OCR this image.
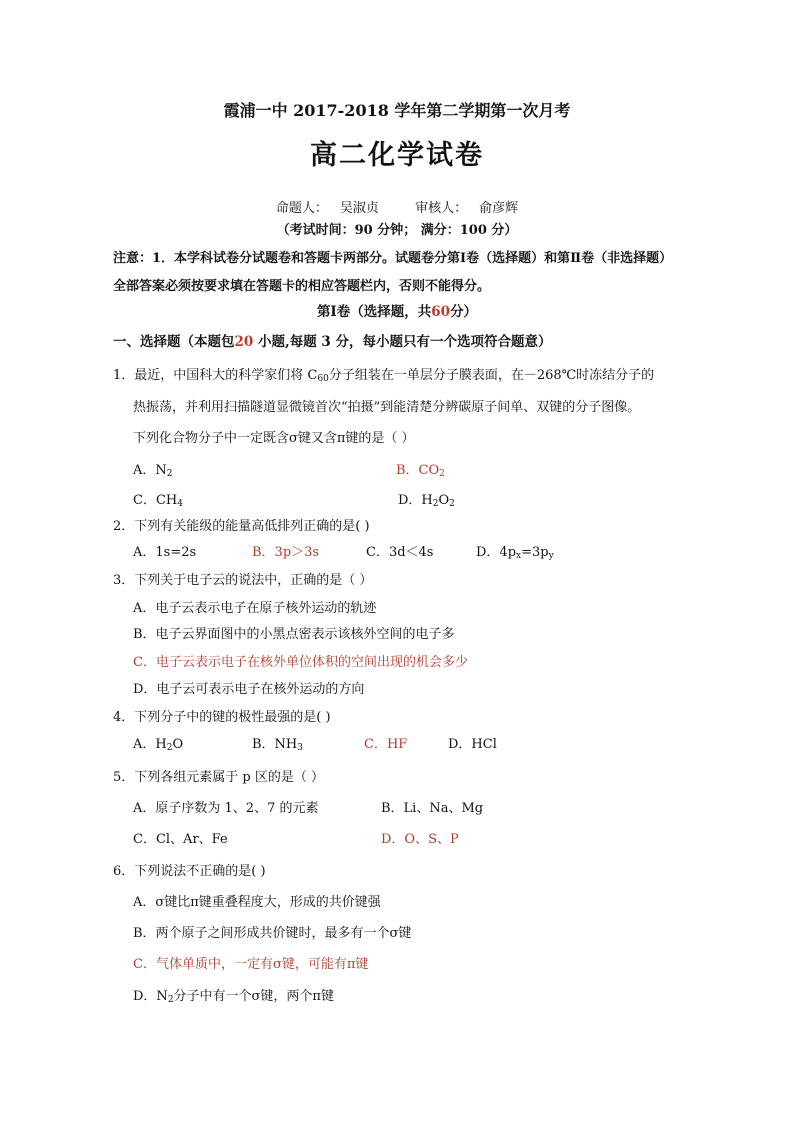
霞浦一中 2017-2018 学年第二学期第一次月考
高二化学试卷
命题人： 吴淑贞	审核人： 俞彦辉
（考试时间：90 分钟； 满分：100 分）
注意：1．本学科试卷分试题卷和答题卡两部分。试题卷分第Ⅰ卷（选择题）和第Ⅱ卷（非选择题）全部答案必须按要求填在答题卡的相应答题栏内，否则不能得分。
第Ⅰ卷（选择题，共60分）
一、选择题（本题包20 小题,每题 3 分，每小题只有一个选项符合题意）
1．最近，中国科大的科学家们将 $C_{60}$分子组装在一单层分子膜表面，在－268℃时冻结分子的
热振荡，并利用扫描隧道显微镜首次“拍摄”到能清楚分辨碳原子间单、双键的分子图像。
下列化合物分子中一定既含σ键又含π键的是（ ）
A．$N_2$	B．$CO_2$
C．$CH_4$	D．$H_2O_2$
2．下列有关能级的能量高低排列正确的是( )
A．1s=2s	B．3p＞3s	C．3d＜4s	D．$4p_x=3p_y$
3．下列关于电子云的说法中，正确的是（ ）
A．电子云表示电子在原子核外运动的轨迹
B．电子云界面图中的小黑点密表示该核外空间的电子多
C．电子云表示电子在核外单位体积的空间出现的机会多少
D．电子云可表示电子在核外运动的方向
4．下列分子中的键的极性最强的是( )
A．$H_2O$	B．$NH_3$	C．HF	D．HCl
5．下列各组元素属于 p 区的是（ ）
A．原子序数为 1、2、7 的元素	B．Li、Na、Mg
C．Cl、Ar、Fe	D．O、S、P
6．下列说法不正确的是( )
A．σ键比π键重叠程度大，形成的共价键强
B．两个原子之间形成共价键时，最多有一个σ键
C．气体单质中，一定有σ键，可能有π键
D．$N_2$分子中有一个σ键，两个π键
